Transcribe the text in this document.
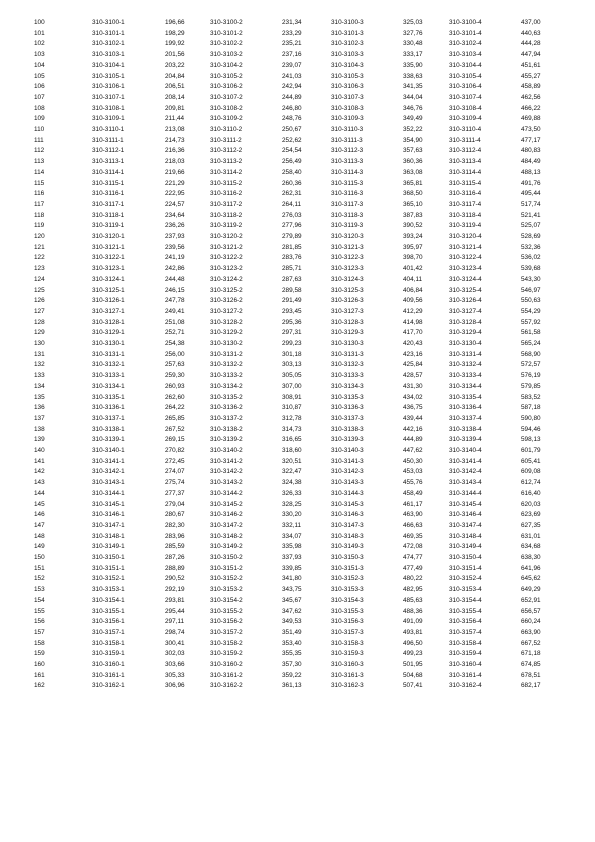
100	310-3100-1	196,66	310-3100-2	231,34	310-3100-3	325,03	310-3100-4	437,00
101	310-3101-1	198,29	310-3101-2	233,29	310-3101-3	327,76	310-3101-4	440,63
102	310-3102-1	199,92	310-3102-2	235,21	310-3102-3	330,48	310-3102-4	444,28
103	310-3103-1	201,56	310-3103-2	237,16	310-3103-3	333,17	310-3103-4	447,94
104	310-3104-1	203,22	310-3104-2	239,07	310-3104-3	335,90	310-3104-4	451,61
105	310-3105-1	204,84	310-3105-2	241,03	310-3105-3	338,63	310-3105-4	455,27
106	310-3106-1	206,51	310-3106-2	242,94	310-3106-3	341,35	310-3106-4	458,89
107	310-3107-1	208,14	310-3107-2	244,89	310-3107-3	344,04	310-3107-4	462,56
108	310-3108-1	209,81	310-3108-2	246,80	310-3108-3	346,76	310-3108-4	466,22
109	310-3109-1	211,44	310-3109-2	248,76	310-3109-3	349,49	310-3109-4	469,88
110	310-3110-1	213,08	310-3110-2	250,67	310-3110-3	352,22	310-3110-4	473,50
111	310-3111-1	214,73	310-3111-2	252,62	310-3111-3	354,90	310-3111-4	477,17
112	310-3112-1	216,36	310-3112-2	254,54	310-3112-3	357,63	310-3112-4	480,83
113	310-3113-1	218,03	310-3113-2	256,49	310-3113-3	360,36	310-3113-4	484,49
114	310-3114-1	219,66	310-3114-2	258,40	310-3114-3	363,08	310-3114-4	488,13
115	310-3115-1	221,29	310-3115-2	260,36	310-3115-3	365,81	310-3115-4	491,76
116	310-3116-1	222,95	310-3116-2	262,31	310-3116-3	368,50	310-3116-4	495,44
117	310-3117-1	224,57	310-3117-2	264,11	310-3117-3	365,10	310-3117-4	517,74
118	310-3118-1	234,64	310-3118-2	276,03	310-3118-3	387,83	310-3118-4	521,41
119	310-3119-1	236,26	310-3119-2	277,96	310-3119-3	390,52	310-3119-4	525,07
120	310-3120-1	237,93	310-3120-2	279,89	310-3120-3	393,24	310-3120-4	528,69
121	310-3121-1	239,56	310-3121-2	281,85	310-3121-3	395,97	310-3121-4	532,36
122	310-3122-1	241,19	310-3122-2	283,76	310-3122-3	398,70	310-3122-4	536,02
123	310-3123-1	242,86	310-3123-2	285,71	310-3123-3	401,42	310-3123-4	539,68
124	310-3124-1	244,48	310-3124-2	287,63	310-3124-3	404,11	310-3124-4	543,30
125	310-3125-1	246,15	310-3125-2	289,58	310-3125-3	406,84	310-3125-4	546,97
126	310-3126-1	247,78	310-3126-2	291,49	310-3126-3	409,56	310-3126-4	550,63
127	310-3127-1	249,41	310-3127-2	293,45	310-3127-3	412,29	310-3127-4	554,29
128	310-3128-1	251,08	310-3128-2	295,36	310-3128-3	414,98	310-3128-4	557,92
129	310-3129-1	252,71	310-3129-2	297,31	310-3129-3	417,70	310-3129-4	561,58
130	310-3130-1	254,38	310-3130-2	299,23	310-3130-3	420,43	310-3130-4	565,24
131	310-3131-1	256,00	310-3131-2	301,18	310-3131-3	423,16	310-3131-4	568,90
132	310-3132-1	257,63	310-3132-2	303,13	310-3132-3	425,84	310-3132-4	572,57
133	310-3133-1	259,30	310-3133-2	305,05	310-3133-3	428,57	310-3133-4	576,19
134	310-3134-1	260,93	310-3134-2	307,00	310-3134-3	431,30	310-3134-4	579,85
135	310-3135-1	262,60	310-3135-2	308,91	310-3135-3	434,02	310-3135-4	583,52
136	310-3136-1	264,22	310-3136-2	310,87	310-3136-3	436,75	310-3136-4	587,18
137	310-3137-1	265,85	310-3137-2	312,78	310-3137-3	439,44	310-3137-4	590,80
138	310-3138-1	267,52	310-3138-2	314,73	310-3138-3	442,16	310-3138-4	594,46
139	310-3139-1	269,15	310-3139-2	316,65	310-3139-3	444,89	310-3139-4	598,13
140	310-3140-1	270,82	310-3140-2	318,60	310-3140-3	447,62	310-3140-4	601,79
141	310-3141-1	272,45	310-3141-2	320,51	310-3141-3	450,30	310-3141-4	605,41
142	310-3142-1	274,07	310-3142-2	322,47	310-3142-3	453,03	310-3142-4	609,08
143	310-3143-1	275,74	310-3143-2	324,38	310-3143-3	455,76	310-3143-4	612,74
144	310-3144-1	277,37	310-3144-2	326,33	310-3144-3	458,49	310-3144-4	616,40
145	310-3145-1	279,04	310-3145-2	328,25	310-3145-3	461,17	310-3145-4	620,03
146	310-3146-1	280,67	310-3146-2	330,20	310-3146-3	463,90	310-3146-4	623,69
147	310-3147-1	282,30	310-3147-2	332,11	310-3147-3	466,63	310-3147-4	627,35
148	310-3148-1	283,96	310-3148-2	334,07	310-3148-3	469,35	310-3148-4	631,01
149	310-3149-1	285,59	310-3149-2	335,98	310-3149-3	472,08	310-3149-4	634,68
150	310-3150-1	287,26	310-3150-2	337,93	310-3150-3	474,77	310-3150-4	638,30
151	310-3151-1	288,89	310-3151-2	339,85	310-3151-3	477,49	310-3151-4	641,96
152	310-3152-1	290,52	310-3152-2	341,80	310-3152-3	480,22	310-3152-4	645,62
153	310-3153-1	292,19	310-3153-2	343,75	310-3153-3	482,95	310-3153-4	649,29
154	310-3154-1	293,81	310-3154-2	345,67	310-3154-3	485,63	310-3154-4	652,91
155	310-3155-1	295,44	310-3155-2	347,62	310-3155-3	488,36	310-3155-4	656,57
156	310-3156-1	297,11	310-3156-2	349,53	310-3156-3	491,09	310-3156-4	660,24
157	310-3157-1	298,74	310-3157-2	351,49	310-3157-3	493,81	310-3157-4	663,90
158	310-3158-1	300,41	310-3158-2	353,40	310-3158-3	496,50	310-3158-4	667,52
159	310-3159-1	302,03	310-3159-2	355,35	310-3159-3	499,23	310-3159-4	671,18
160	310-3160-1	303,66	310-3160-2	357,30	310-3160-3	501,95	310-3160-4	674,85
161	310-3161-1	305,33	310-3161-2	359,22	310-3161-3	504,68	310-3161-4	678,51
162	310-3162-1	306,96	310-3162-2	361,13	310-3162-3	507,41	310-3162-4	682,17
